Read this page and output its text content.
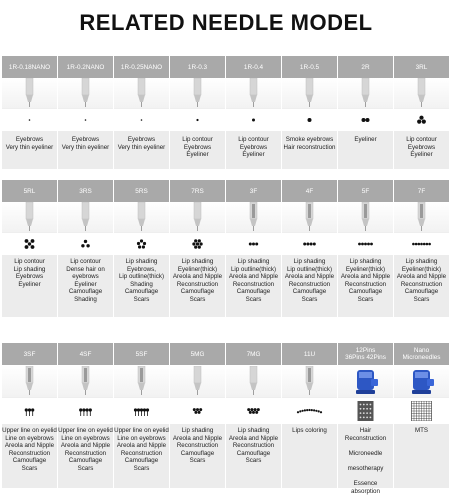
RELATED NEEDLE MODEL
1R-0.18NANO
Eyebrows
Very thin eyeliner
1R-0.2NANO
Eyebrows
Very thin eyeliner
1R-0.25NANO
Eyebrows
Very thin eyeliner
1R-0.3
Lip contour
Eyebrows
Eyeliner
1R-0.4
Lip contour
Eyebrows
Eyeliner
1R-0.5
Smoke eyebrows
Hair reconstruction
2R
Eyeliner
3RL
Lip contour
Eyebrows
Eyeliner
5RL
Lip contour
Lip shading
Eyebrows
Eyeliner
3RS
Lip contour
Dense hair on
eyebrows
Eyeliner
Camouflage
Shading
5RS
Lip shading
Eyebrows,
Lip outline(thick)
Shading
Camouflage
Scars
7RS
Lip shading
Eyeliner(thick)
Areola and Nipple
Reconstruction
Camouflage
Scars
3F
Lip shading
Lip outline(thick)
Areola and Nipple
Reconstruction
Camouflage
Scars
4F
Lip shading
Lip outline(thick)
Areola and Nipple
Reconstruction
Camouflage
Scars
5F
Lip shading
Eyeliner(thick)
Areola and Nipple
Reconstruction
Camouflage
Scars
7F
Lip shading
Eyeliner(thick)
Areola and Nipple
Reconstruction
Camouflage
Scars
3SF
Upper line on eyelid
Line on eyebrows
Areola and Nipple
Reconstruction
Camouflage
Scars
4SF
Upper line on eyelid
Line on eyebrows
Areola and Nipple
Reconstruction
Camouflage
Scars
5SF
Upper line on eyelid
Line on eyebrows
Areola and Nipple
Reconstruction
Camouflage
Scars
5MG
Lip shading
Areola and Nipple
Reconstruction
Camouflage
Scars
7MG
Lip shading
Areola and Nipple
Reconstruction
Camouflage
Scars
11U
Lips coloring
12Pins
36Pins 42Pins
Hair
Reconstruction

Microneedle

mesotherapy

Essence
absorption
Nano
Microneedles
MTS
